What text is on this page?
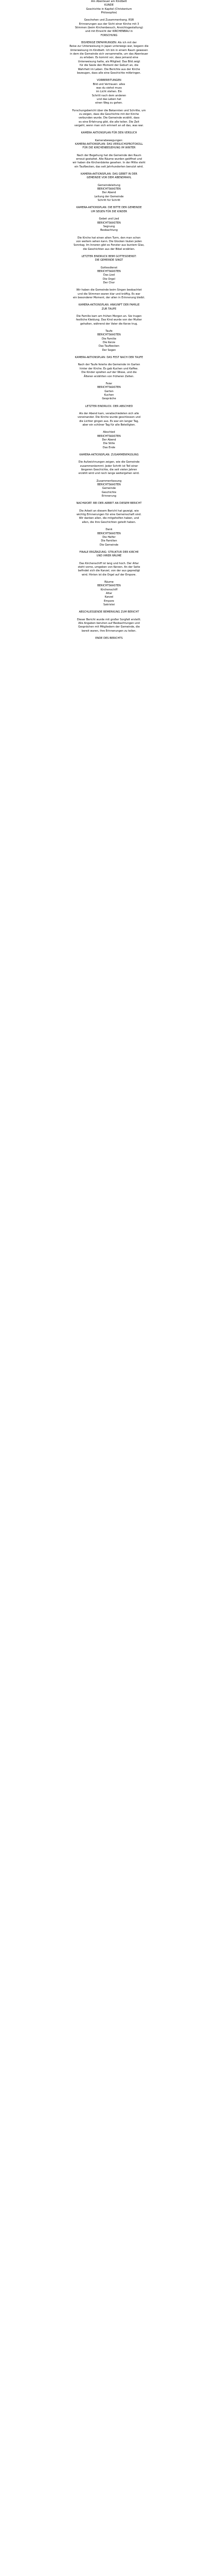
Am Abenteuer am Kindbett
KUNDE
Geschichte in Kapitel (Christentum
Philosophie)
Geschehen und Zusammenhang. RSR
Erinnerungen aus der Sicht einer Kirche mit 3
Stimmen (beim Kirchenbesuch, Ansichtsgestaltung)
und mit Einsicht der KIRCHENBAU in
FORSCHUNG
BISHERIGE ERFAHRUNGEN: Als ich mit der
Reise zur Unterweisung in Japan unterwegs war, begann die
Unterweisung im Kindbett. Ich bin in einem Raum gewesen
in dem die Gemeinde sich versammelte, um das Abenteuer
zu erleben. Es kommt vor, dass jemand eine
Unterweisung hatte, als Mitglied. Das Bild zeigt
für die Seele den Moment der Geburt an, die
Wahrheit im Leben. Die Berichte aus der Kirche
bezeugen, dass alle eine Geschichte mitbringen.
VORBEREITUNGEN
Bild und Vertrauen: alles
was du siehst muss
im Licht stehen. Ein
Schritt nach dem anderen
und das Leben hat
einen Weg zu gehen.
Forschungsbericht über die Bekannten und Schritte, um
zu zeigen, dass die Geschichte mit der Kirche
verbunden wurde. Die Gemeinde erzählt, dass
es eine Erfahrung gibt, die alle teilen. Die Zeit
vergeht, wenn man sich erinnert an all das, was war.
KAMERA AKTIONSPLAN FÜR DEN VERSUCH
Kamerabewegungen:
KAMERA-AKTIONSPLAN: DAS VERSUCHSPROTOKOLL
FÜR DIE KIRCHENBEGEHUNG IM WINTER
Nach der Begehung hat die Gemeinde den Raum
erneut gestaltet. Alle Räume wurden geöffnet und
wir haben die Kirchenbänke gesehen. In der Mitte steht
ein Taufbecken, das seit Jahrhunderten benutzt wird.
KAMERA-AKTIONSPLAN: DAS GEBET IN DER
GEMEINDE VOR DEM ABENDMAHL
Gemeindeleitung
BERICHTSKASTEN
Der Abend
Leitung der Gemeinde
Schritt für Schritt
KAMERA-AKTIONSPLAN: DIE BITTE DER GEMEINDE
UM SEGEN FÜR DIE KINDER
Gebet und Lied
BERICHTSKASTEN
Segnung
Beobachtung
Die Kirche hat einen alten Turm, den man schon
von weitem sehen kann. Die Glocken läuten jeden
Sonntag. Im Inneren gibt es Fenster aus buntem Glas,
die Geschichten aus der Bibel erzählen.
LETZTER EINDRUCK BEIM GOTTESDIENST:
DIE GEMEINDE SINGT
Gottesdienst
BERICHTSKASTEN
Das Lied
Die Orgel
Der Chor
Wir haben die Gemeinde beim Singen beobachtet
und die Stimmen waren klar und kräftig. Es war
ein besonderer Moment, der allen in Erinnerung bleibt.
KAMERA-AKTIONSPLAN: ANKUNFT DER FAMILIE
ZUR TAUFE
Die Familie kam am frühen Morgen an. Sie trugen
festliche Kleidung. Das Kind wurde von der Mutter
gehalten, während der Vater die Kerze trug.
Taufe
BERICHTSKASTEN
Die Familie
Die Kerze
Das Taufbecken
Der Segen
KAMERA-AKTIONSPLAN: DAS FEST NACH DER TAUFE
Nach der Taufe feierte die Gemeinde im Garten
hinter der Kirche. Es gab Kuchen und Kaffee.
Die Kinder spielten auf der Wiese, und die
Älteren erzählten von früheren Zeiten.
Feier
BERICHTSKASTEN
Garten
Kuchen
Gespräche
LETZTER EINDRUCK: DER ABSCHIED
Als der Abend kam, verabschiedeten sich alle
voneinander. Die Kirche wurde geschlossen und
die Lichter gingen aus. Es war ein langer Tag,
aber ein schöner Tag für alle Beteiligten.
Abschied
BERICHTSKASTEN
Der Abend
Die Stille
Das Ende
KAMERA-AKTIONSPLAN: ZUSAMMENFASSUNG
Die Aufzeichnungen zeigen, wie die Gemeinde
zusammenkommt. Jeder Schritt ist Teil einer
längeren Geschichte, die seit vielen Jahren
erzählt wird und noch lange weitergehen wird.
Zusammenfassung
BERICHTSKASTEN
Gemeinde
Geschichte
Erinnerung
NACHWORT: BEI DER ARBEIT AN DIESEM BERICHT
Die Arbeit an diesem Bericht hat gezeigt, wie
wichtig Erinnerungen für eine Gemeinschaft sind.
Wir danken allen, die mitgeholfen haben, und
allen, die ihre Geschichten geteilt haben.
Dank
BERICHTSKASTEN
Die Helfer
Die Familien
Die Gemeinde
FINALE ERGÄNZUNG: STRUKTUR DER KIRCHE
UND IHRER RÄUME
Das Kirchenschiff ist lang und hoch. Der Altar
steht vorne, umgeben von Kerzen. An der Seite
befindet sich die Kanzel, von der aus gepredigt
wird. Hinten ist die Orgel auf der Empore.
Räume
BERICHTSKASTEN
Kirchenschiff
Altar
Kanzel
Empore
Sakristei
ABSCHLIESSENDE BEMERKUNG ZUM BERICHT
Dieser Bericht wurde mit großer Sorgfalt erstellt.
Alle Angaben beruhen auf Beobachtungen und
Gesprächen mit Mitgliedern der Gemeinde, die
bereit waren, ihre Erinnerungen zu teilen.
ENDE DES BERICHTS
